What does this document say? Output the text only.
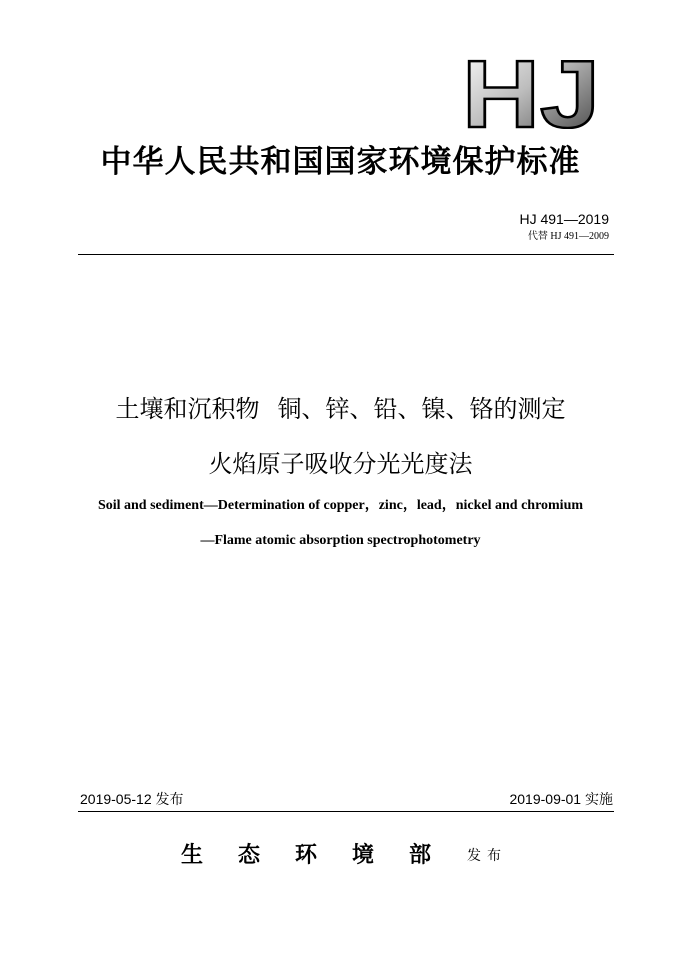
HJ
中华人民共和国国家环境保护标准
HJ 491—2019
代替 HJ 491—2009
土壤和沉积物 铜、锌、铅、镍、铬的测定
火焰原子吸收分光光度法
Soil and sediment—Determination of copper，zinc，lead，nickel and chromium
—Flame atomic absorption spectrophotometry
2019-05-12 发布	2019-09-01 实施
生态环境部 发布
